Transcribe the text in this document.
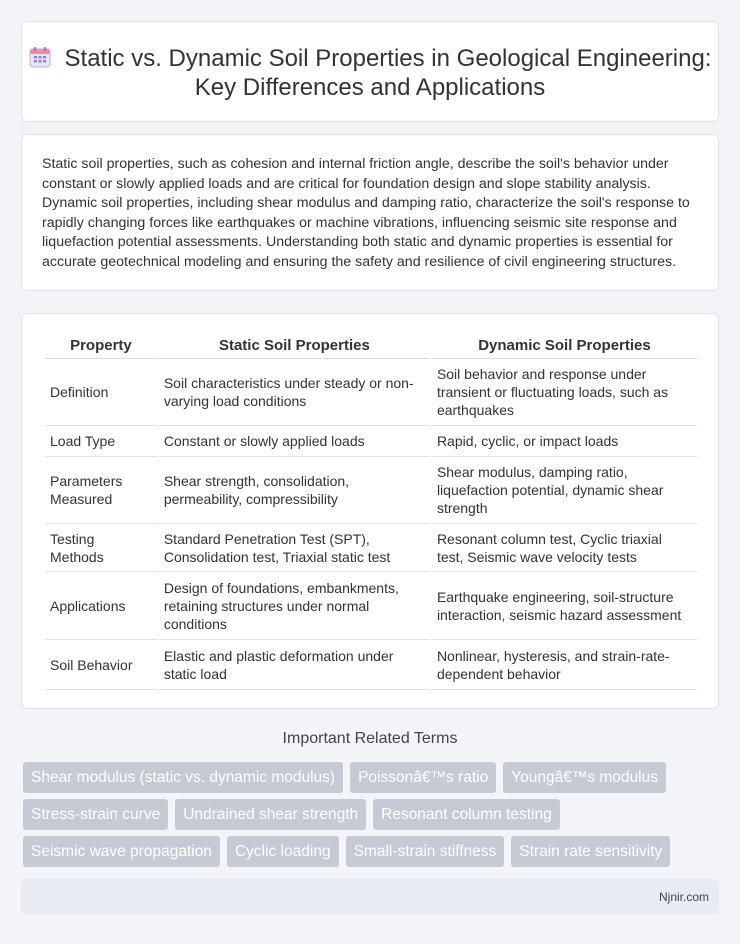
Static vs. Dynamic Soil Properties in Geological Engineering: Key Differences and Applications

Static soil properties, such as cohesion and internal friction angle, describe the soil's behavior under constant or slowly applied loads and are critical for foundation design and slope stability analysis. Dynamic soil properties, including shear modulus and damping ratio, characterize the soil's response to rapidly changing forces like earthquakes or machine vibrations, influencing seismic site response and liquefaction potential assessments. Understanding both static and dynamic properties is essential for accurate geotechnical modeling and ensuring the safety and resilience of civil engineering structures.

Property	Static Soil Properties	Dynamic Soil Properties
Definition	Soil characteristics under steady or non-varying load conditions	Soil behavior and response under transient or fluctuating loads, such as earthquakes
Load Type	Constant or slowly applied loads	Rapid, cyclic, or impact loads
Parameters Measured	Shear strength, consolidation, permeability, compressibility	Shear modulus, damping ratio, liquefaction potential, dynamic shear strength
Testing Methods	Standard Penetration Test (SPT), Consolidation test, Triaxial static test	Resonant column test, Cyclic triaxial test, Seismic wave velocity tests
Applications	Design of foundations, embankments, retaining structures under normal conditions	Earthquake engineering, soil-structure interaction, seismic hazard assessment
Soil Behavior	Elastic and plastic deformation under static load	Nonlinear, hysteresis, and strain-rate-dependent behavior
Important Related Terms
Shear modulus (static vs. dynamic modulus)	Poissonâ€™s ratio	Youngâ€™s modulus
Stress-strain curve	Undrained shear strength	Resonant column testing
Seismic wave propagation	Cyclic loading	Small-strain stiffness	Strain rate sensitivity
Njnir.com
